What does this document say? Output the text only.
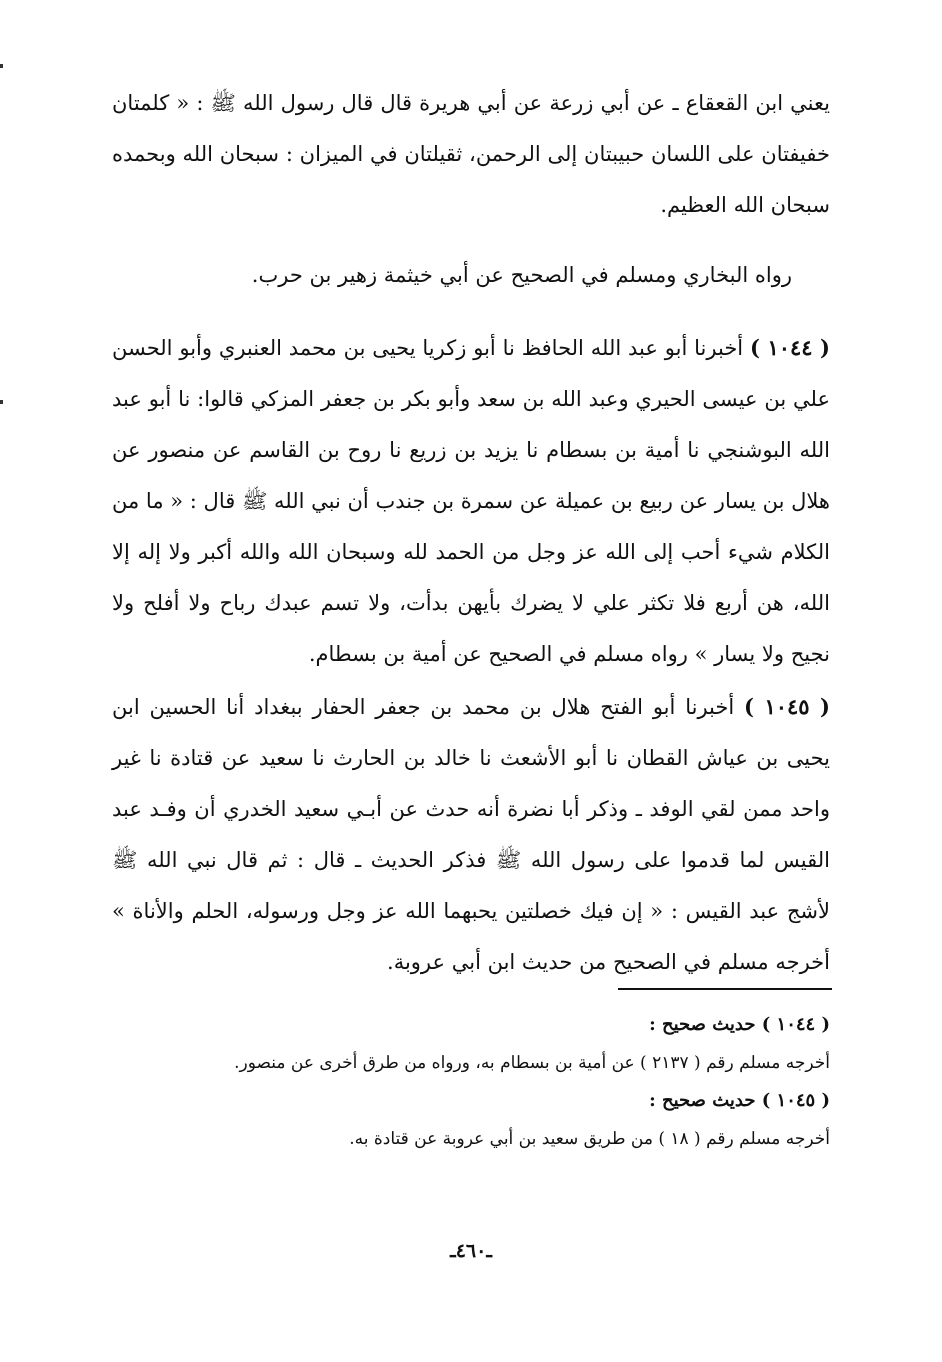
يعني ابن القعقاع ـ عن أبي زرعة عن أبي هريرة قال قال رسول الله ﷺ : « كلمتان خفيفتان على اللسان حبيبتان إلى الرحمن، ثقيلتان في الميزان : سبحان الله وبحمده سبحان الله العظيم.

رواه البخاري ومسلم في الصحيح عن أبي خيثمة زهير بن حرب.

( ١٠٤٤ ) أخبرنا أبو عبد الله الحافظ نا أبو زكريا يحيى بن محمد العنبري وأبو الحسن علي بن عيسى الحيري وعبد الله بن سعد وأبو بكر بن جعفر المزكي قالوا: نا أبو عبد الله البوشنجي نا أمية بن بسطام نا يزيد بن زريع نا روح بن القاسم عن منصور عن هلال بن يسار عن ربيع بن عميلة عن سمرة بن جندب أن نبي الله ﷺ قال : « ما من الكلام شيء أحب إلى الله عز وجل من الحمد لله وسبحان الله والله أكبر ولا إله إلا الله، هن أربع فلا تكثر علي لا يضرك بأيهن بدأت، ولا تسم عبدك رباح ولا أفلح ولا نجيح ولا يسار » رواه مسلم في الصحيح عن أمية بن بسطام.

( ١٠٤٥ ) أخبرنا أبو الفتح هلال بن محمد بن جعفر الحفار ببغداد أنا الحسين ابن يحيى بن عياش القطان نا أبو الأشعث نا خالد بن الحارث نا سعيد عن قتادة نا غير واحد ممن لقي الوفد ـ وذكر أبا نضرة أنه حدث عن أبـي سعيد الخدري أن وفـد عبد القيس لما قدموا على رسول الله ﷺ فذكر الحديث ـ قال : ثم قال نبي الله ﷺ لأشج عبد القيس : « إن فيك خصلتين يحبهما الله عز وجل ورسوله، الحلم والأناة » أخرجه مسلم في الصحيح من حديث ابن أبي عروبة.

( ١٠٤٤ ) حديث صحيح :

أخرجه مسلم رقم ( ٢١٣٧ ) عن أمية بن بسطام به، ورواه من طرق أخرى عن منصور.

( ١٠٤٥ ) حديث صحيح :

أخرجه مسلم رقم ( ١٨ ) من طريق سعيد بن أبي عروبة عن قتادة به.

ـ٤٦٠ـ
